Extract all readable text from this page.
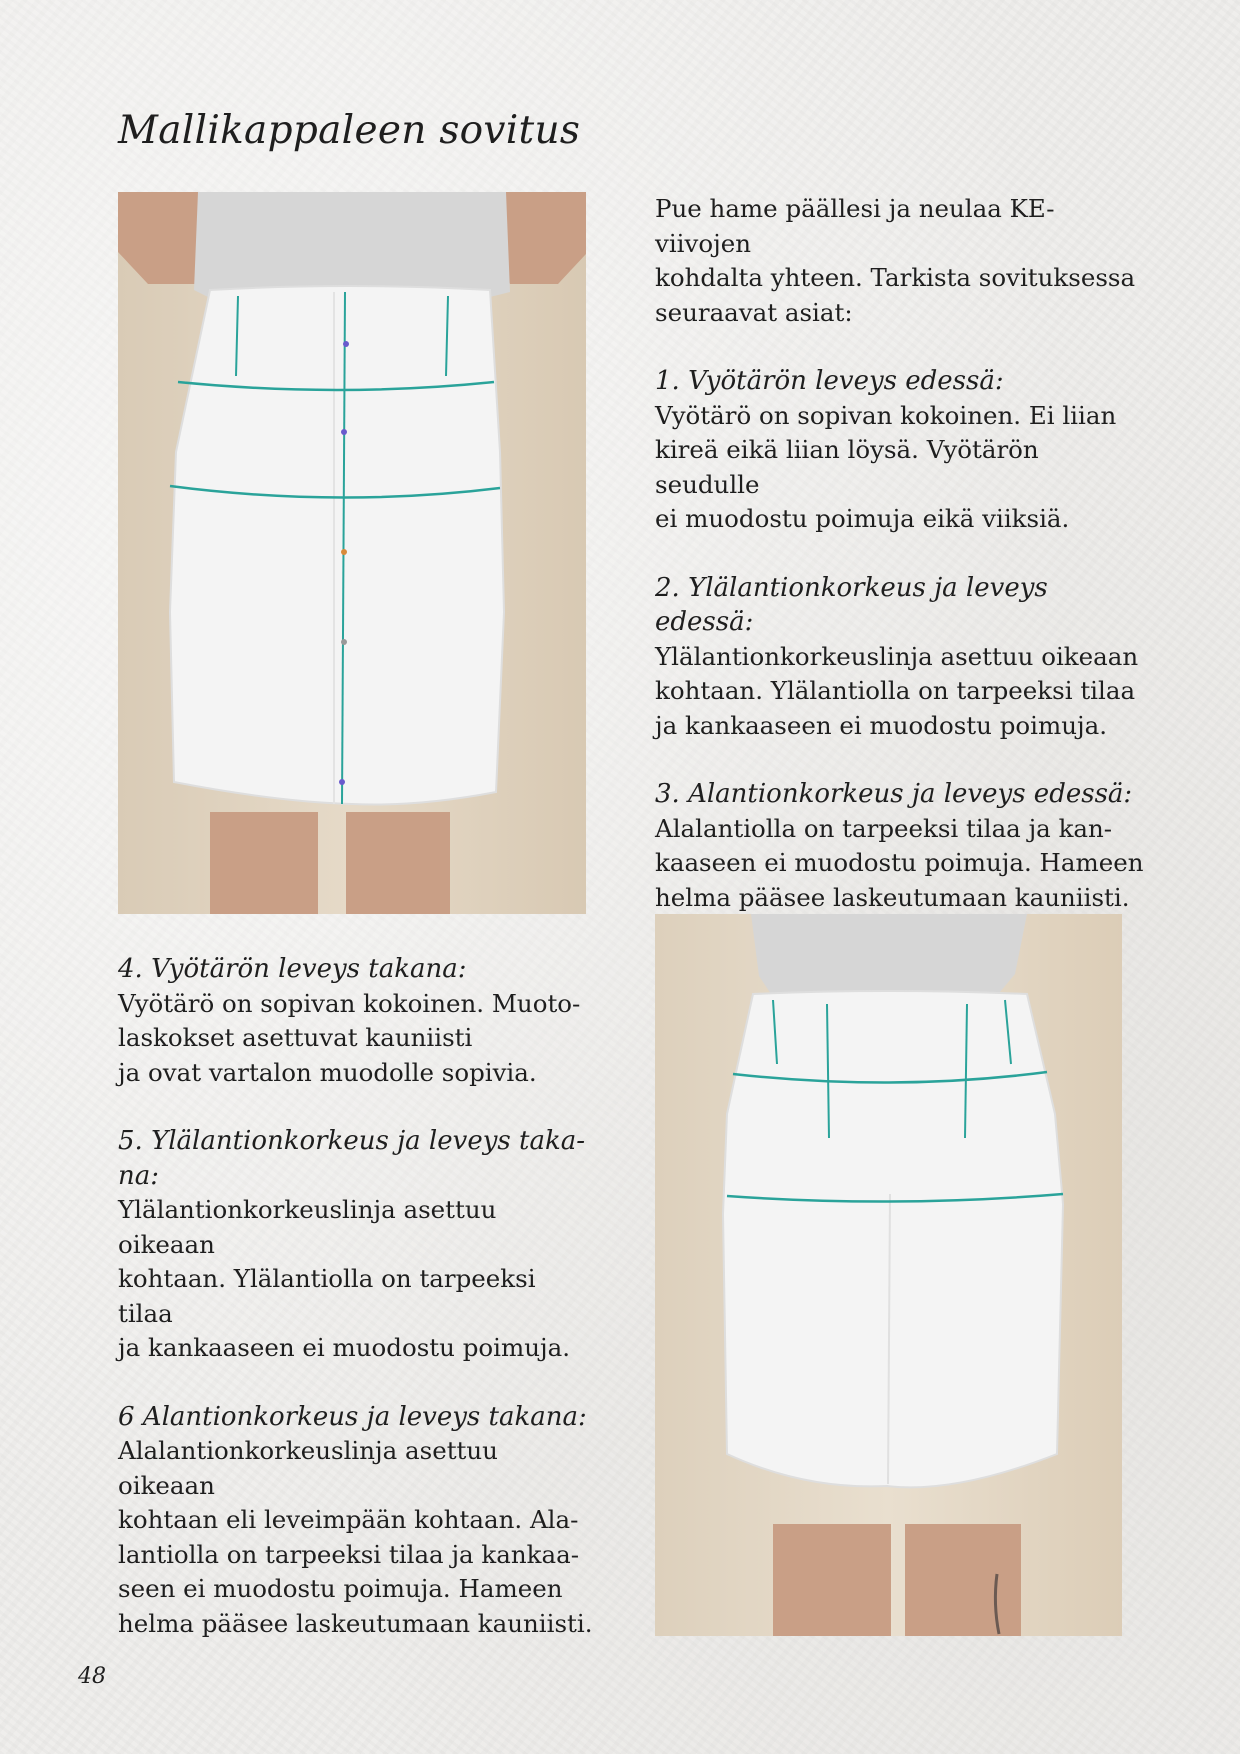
Mallikappaleen sovitus

Pue hame päällesi ja neulaa KE-viivojen

kohdalta yhteen. Tarkista sovituksessa

seuraavat asiat:

1. Vyötärön leveys edessä:

Vyötärö on sopivan kokoinen. Ei liian

kireä eikä liian löysä. Vyötärön seudulle

ei muodostu poimuja eikä viiksiä.

2. Ylälantionkorkeus ja leveys

edessä:

Ylälantionkorkeuslinja asettuu oikeaan

kohtaan. Ylälantiolla on tarpeeksi tilaa

ja kankaaseen ei muodostu poimuja.

3. Alantionkorkeus ja leveys edessä:

Alalantiolla on tarpeeksi tilaa ja kan-

kaaseen ei muodostu poimuja. Hameen

helma pääsee laskeutumaan kauniisti.

4. Vyötärön leveys takana:

Vyötärö on sopivan kokoinen. Muoto-

laskokset asettuvat kauniisti

ja ovat vartalon muodolle sopivia.

5. Ylälantionkorkeus ja leveys taka-

na:

Ylälantionkorkeuslinja asettuu oikeaan

kohtaan. Ylälantiolla on tarpeeksi tilaa

ja kankaaseen ei muodostu poimuja.

6 Alantionkorkeus ja leveys takana:

Alalantionkorkeuslinja asettuu oikeaan

kohtaan eli leveimpään kohtaan. Ala-

lantiolla on tarpeeksi tilaa ja kankaa-

seen ei muodostu poimuja. Hameen

helma pääsee laskeutumaan kauniisti.

48
